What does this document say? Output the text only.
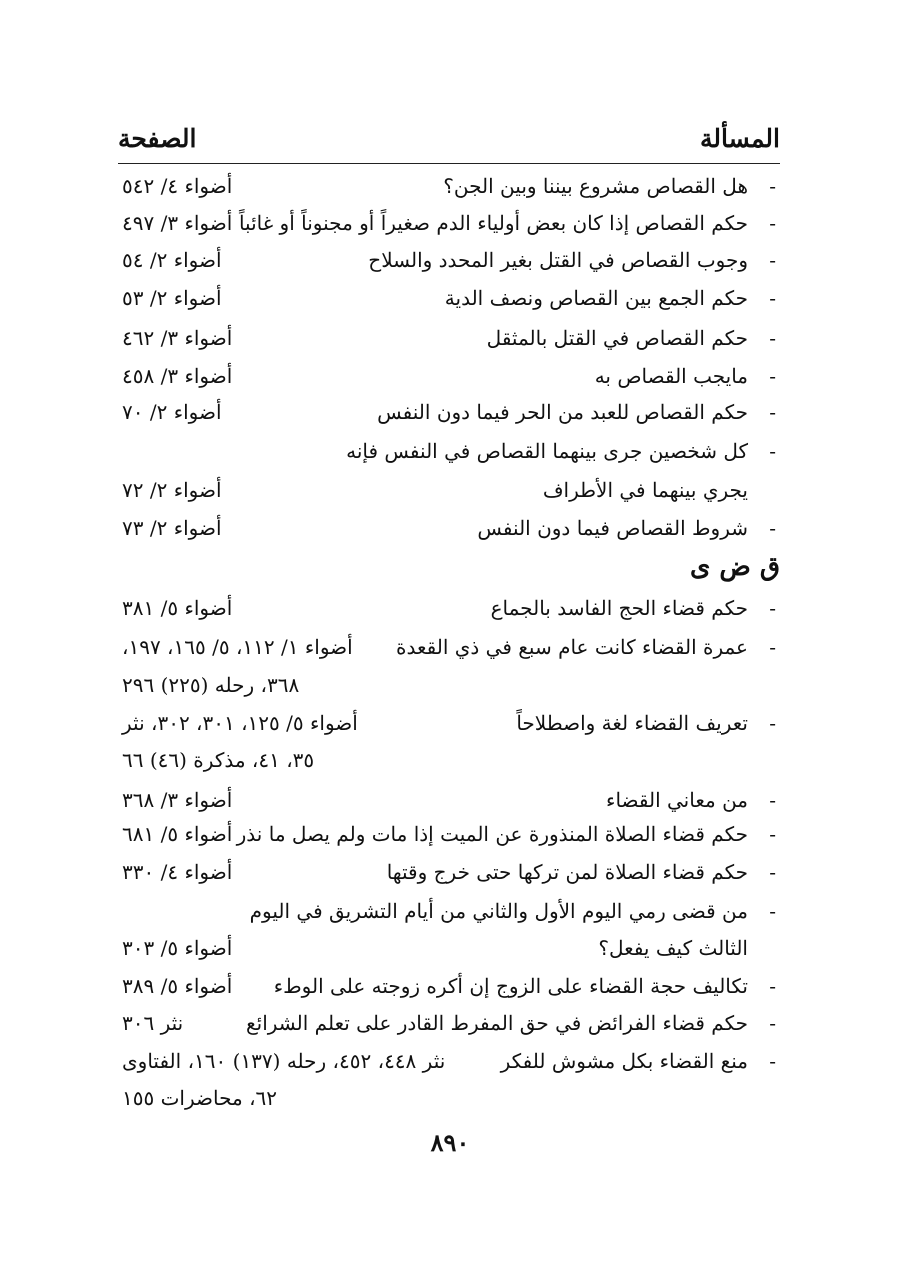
المسألة
الصفحة
-
هل القصاص مشروع بيننا وبين الجن؟
أضواء ٤/ ٥٤٢
-
حكم القصاص إذا كان بعض أولياء الدم صغيراً أو مجنوناً أو غائباً
أضواء ٣/ ٤٩٧
-
وجوب القصاص في القتل بغير المحدد والسلاح
أضواء ٢/ ٥٤
-
حكم الجمع بين القصاص ونصف الدية
أضواء ٢/ ٥٣
-
حكم القصاص في القتل بالمثقل
أضواء ٣/ ٤٦٢
-
مايجب القصاص به
أضواء ٣/ ٤٥٨
-
حكم القصاص للعبد من الحر فيما دون النفس
أضواء ٢/ ٧٠
-
كل شخصين جرى بينهما القصاص في النفس فإنه
يجري بينهما في الأطراف
أضواء ٢/ ٧٢
-
شروط القصاص فيما دون النفس
أضواء ٢/ ٧٣
ق ض ى
-
حكم قضاء الحج الفاسد بالجماع
أضواء ٥/ ٣٨١
-
عمرة القضاء كانت عام سبع في ذي القعدة
أضواء ١/ ١١٢، ٥/ ١٦٥، ١٩٧،
٣٦٨، رحله (٢٢٥) ٢٩٦
-
تعريف القضاء لغة واصطلاحاً
أضواء ٥/ ١٢٥، ٣٠١، ٣٠٢، نثر
٣٥، ٤١، مذكرة (٤٦) ٦٦
-
من معاني القضاء
أضواء ٣/ ٣٦٨
-
حكم قضاء الصلاة المنذورة عن الميت إذا مات ولم يصل ما نذر
أضواء ٥/ ٦٨١
-
حكم قضاء الصلاة لمن تركها حتى خرج وقتها
أضواء ٤/ ٣٣٠
-
من قضى رمي اليوم الأول والثاني من أيام التشريق في اليوم
الثالث كيف يفعل؟
أضواء ٥/ ٣٠٣
-
تكاليف حجة القضاء على الزوج إن أكره زوجته على الوطء
أضواء ٥/ ٣٨٩
-
حكم قضاء الفرائض في حق المفرط القادر على تعلم الشرائع
نثر ٣٠٦
-
منع القضاء بكل مشوش للفكر
نثر ٤٤٨، ٤٥٢، رحله (١٣٧) ١٦٠، الفتاوى
٦٢، محاضرات ١٥٥
٨٩٠
